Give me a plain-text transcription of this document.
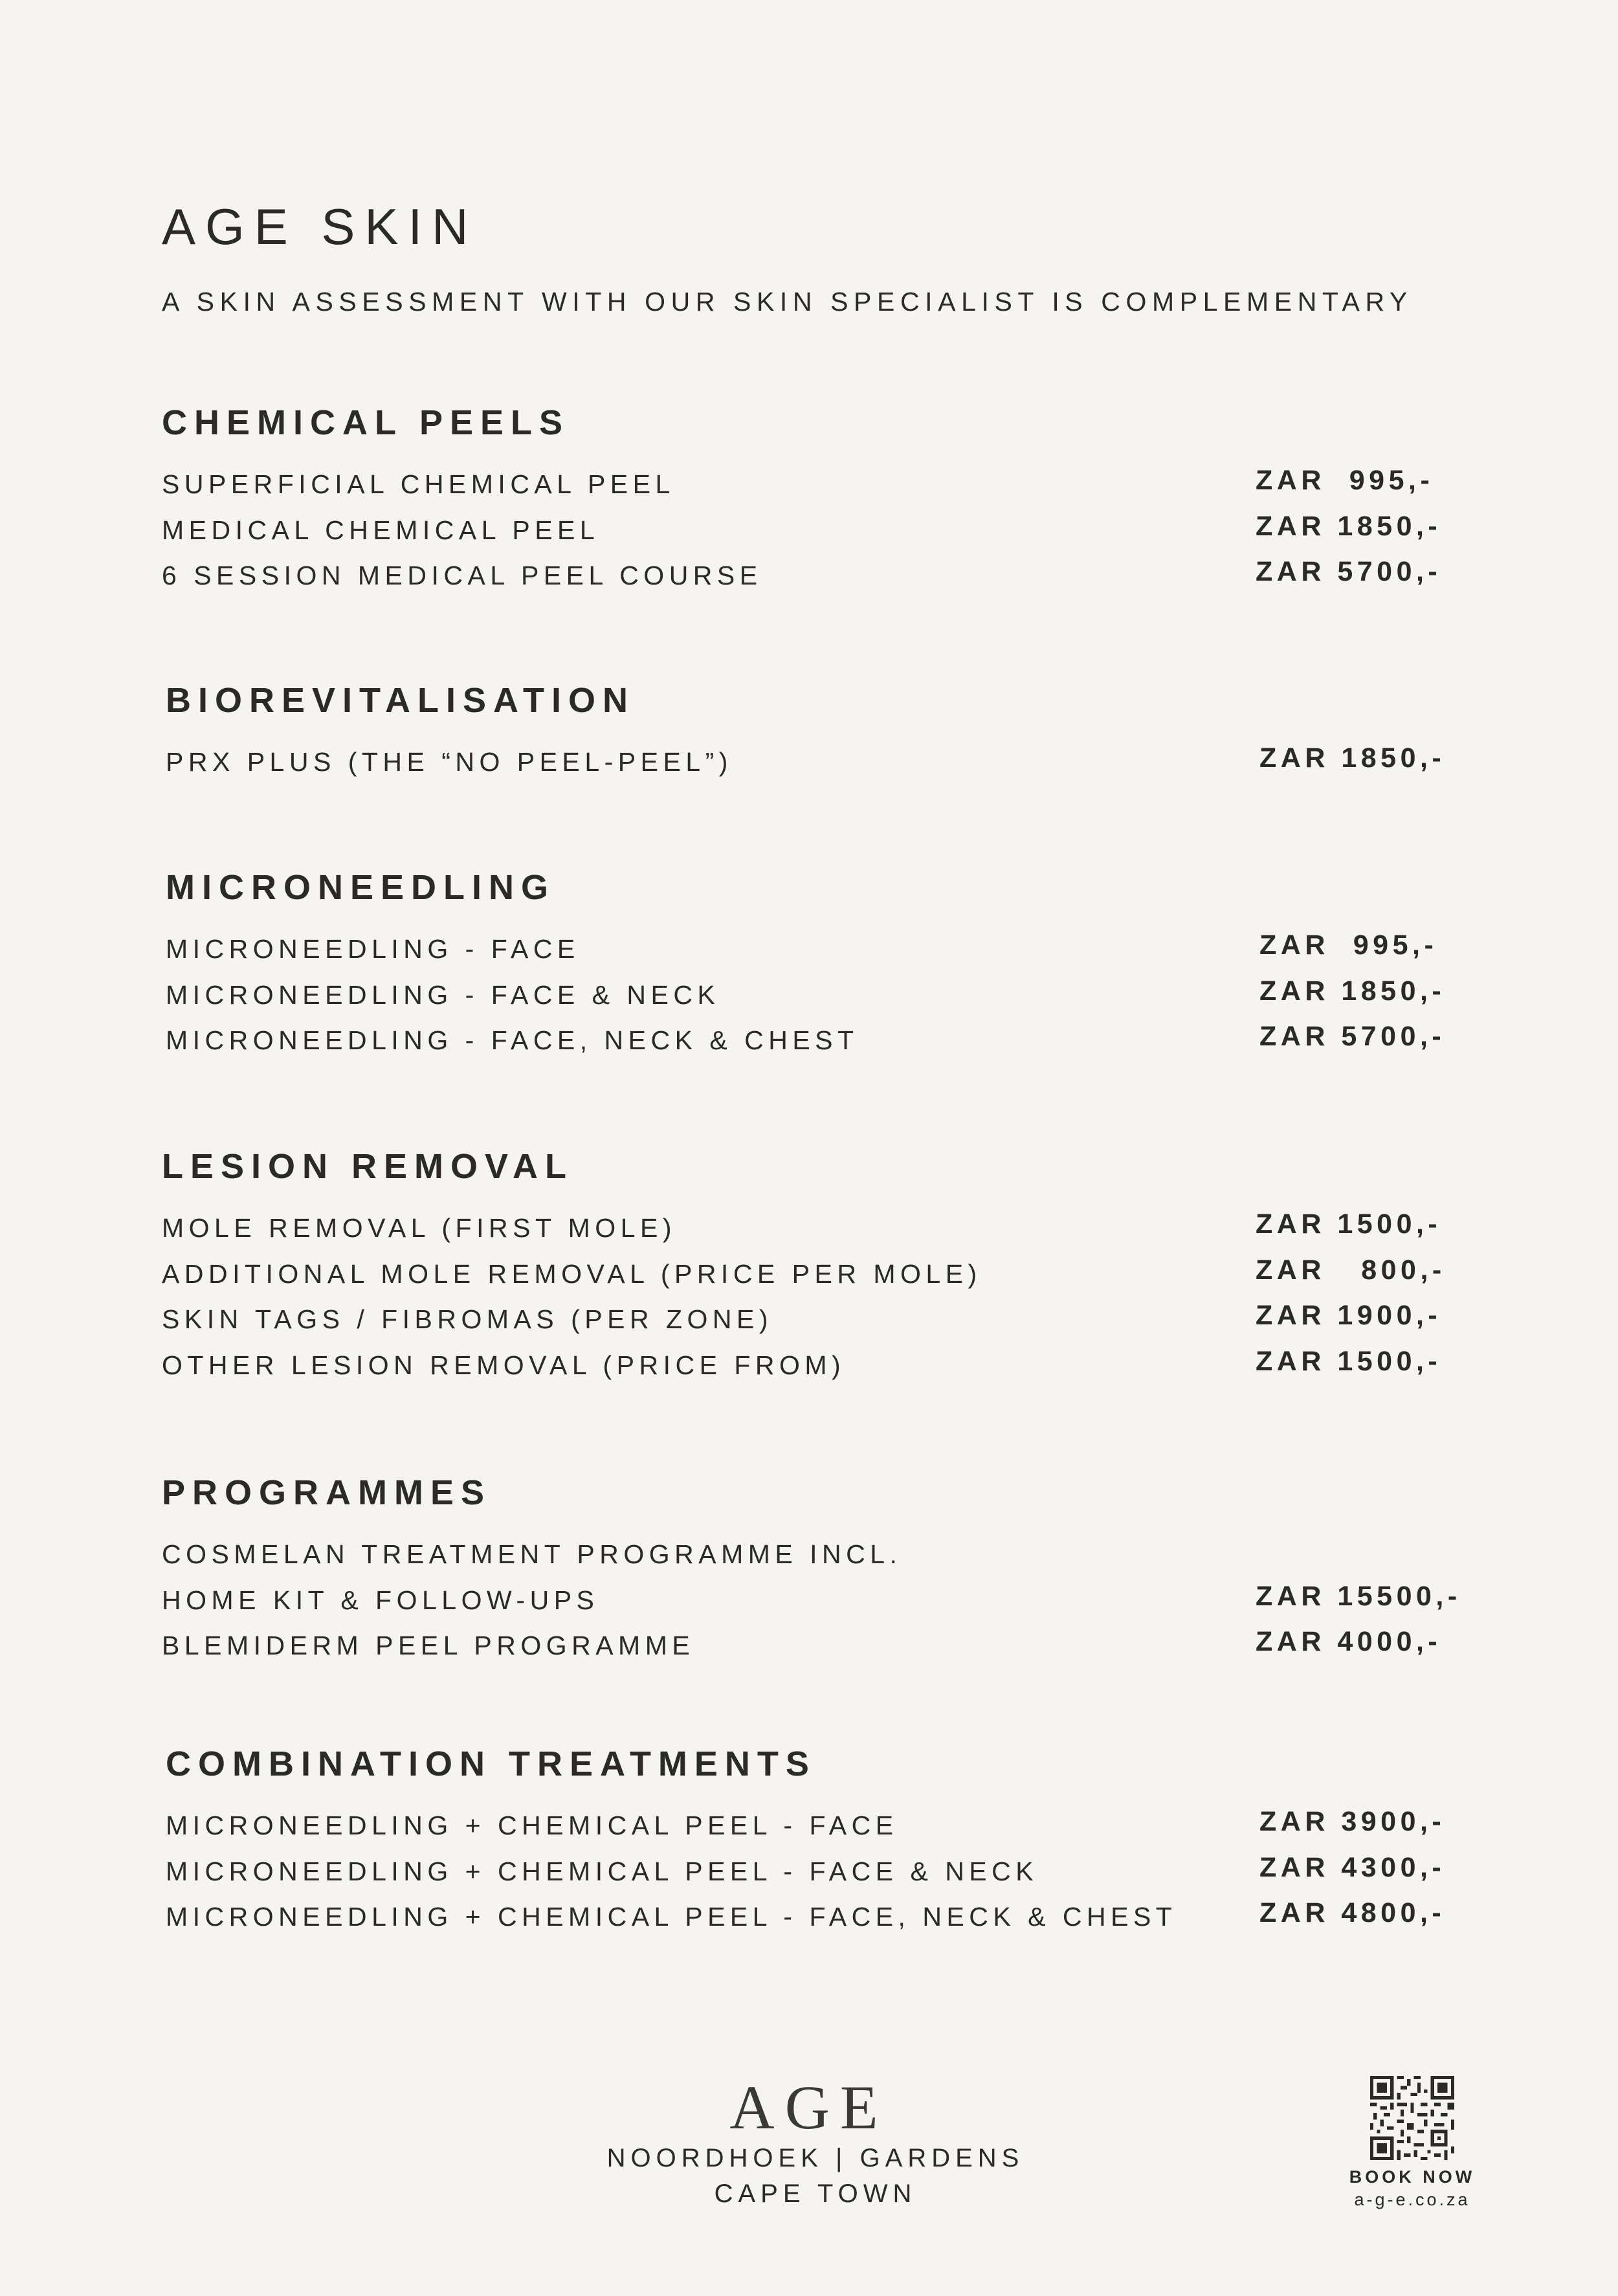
AGE SKIN
A SKIN ASSESSMENT WITH OUR SKIN SPECIALIST IS COMPLEMENTARY
CHEMICAL PEELS
SUPERFICIAL CHEMICAL PEEL	ZAR  995,-
MEDICAL CHEMICAL PEEL	ZAR 1850,-
6 SESSION MEDICAL PEEL COURSE	ZAR 5700,-
BIOREVITALISATION
PRX PLUS (THE “NO PEEL-PEEL”)	ZAR 1850,-
MICRONEEDLING
MICRONEEDLING - FACE	ZAR  995,-
MICRONEEDLING - FACE & NECK	ZAR 1850,-
MICRONEEDLING - FACE, NECK & CHEST	ZAR 5700,-
LESION REMOVAL
MOLE REMOVAL (FIRST MOLE)	ZAR 1500,-
ADDITIONAL MOLE REMOVAL (PRICE PER MOLE)	ZAR   800,-
SKIN TAGS / FIBROMAS (PER ZONE)	ZAR 1900,-
OTHER LESION REMOVAL (PRICE FROM)	ZAR 1500,-
PROGRAMMES
COSMELAN TREATMENT PROGRAMME INCL.
HOME KIT & FOLLOW-UPS	ZAR 15500,-
BLEMIDERM PEEL PROGRAMME	ZAR 4000,-
COMBINATION TREATMENTS
MICRONEEDLING + CHEMICAL PEEL - FACE	ZAR 3900,-
MICRONEEDLING + CHEMICAL PEEL - FACE & NECK	ZAR 4300,-
MICRONEEDLING + CHEMICAL PEEL - FACE, NECK & CHEST	ZAR 4800,-
AGE
NOORDHOEK | GARDENS
CAPE TOWN
BOOK NOW
a-g-e.co.za
